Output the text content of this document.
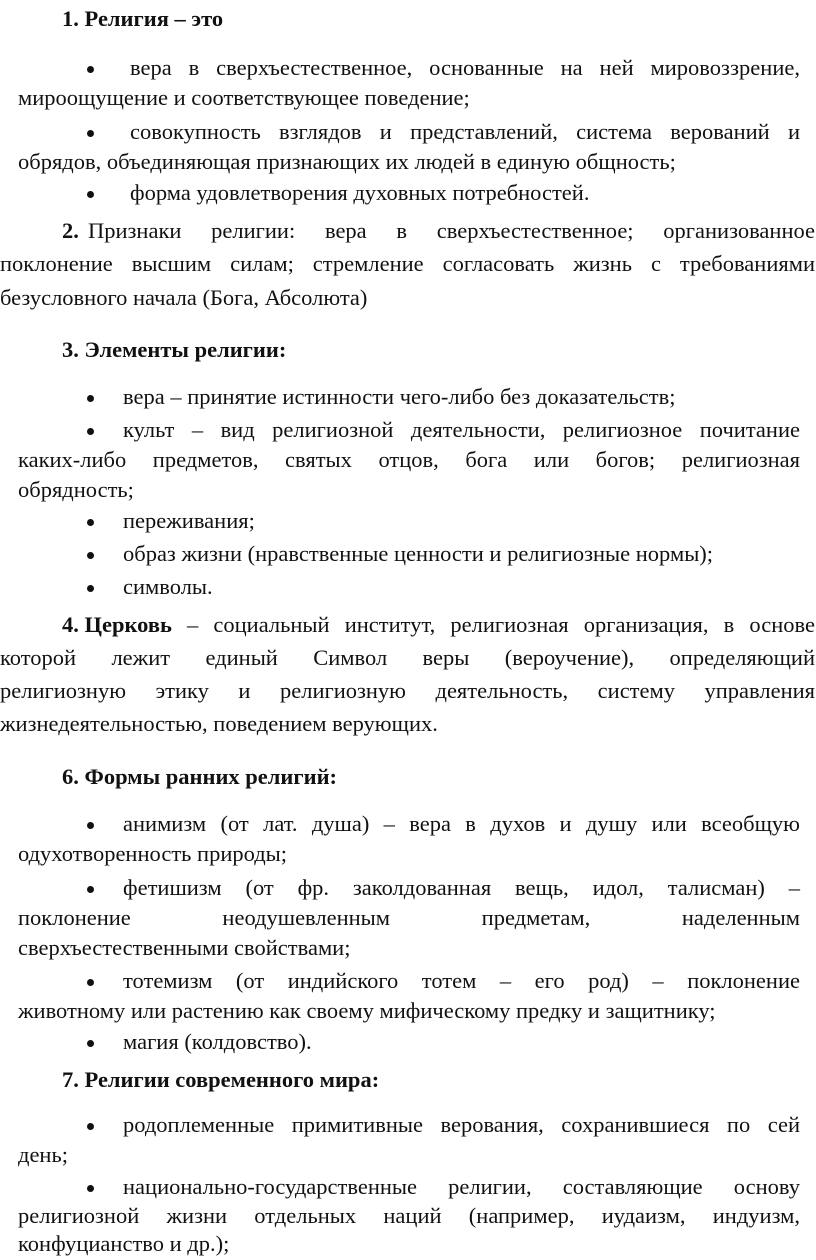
1. Религия – это
вера в сверхъестественное, основанные на ней мировоззрение,
мироощущение и соответствующее поведение;
совокупность взглядов и представлений, система верований и
обрядов, объединяющая признающих их людей в единую общность;
форма удовлетворения духовных потребностей.
2. Признаки религии: вера в сверхъестественное; организованное
поклонение высшим силам; стремление согласовать жизнь с требованиями
безусловного начала (Бога, Абсолюта)
3. Элементы религии:
вера – принятие истинности чего-либо без доказательств;
культ – вид религиозной деятельности, религиозное почитание
каких-либо предметов, святых отцов, бога или богов; религиозная
обрядность;
переживания;
образ жизни (нравственные ценности и религиозные нормы);
символы.
4. Церковь – социальный институт, религиозная организация, в основе
которой лежит единый Символ веры (вероучение), определяющий
религиозную этику и религиозную деятельность, систему управления
жизнедеятельностью, поведением верующих.
6. Формы ранних религий:
анимизм (от лат. душа) – вера в духов и душу или всеобщую
одухотворенность природы;
фетишизм (от фр. заколдованная вещь, идол, талисман) –
поклонение неодушевленным предметам, наделенным
сверхъестественными свойствами;
тотемизм (от индийского тотем – его род) – поклонение
животному или растению как своему мифическому предку и защитнику;
магия (колдовство).
7. Религии современного мира:
родоплеменные примитивные верования, сохранившиеся по сей
день;
национально-государственные религии, составляющие основу
религиозной жизни отдельных наций (например, иудаизм, индуизм,
конфуцианство и др.);
